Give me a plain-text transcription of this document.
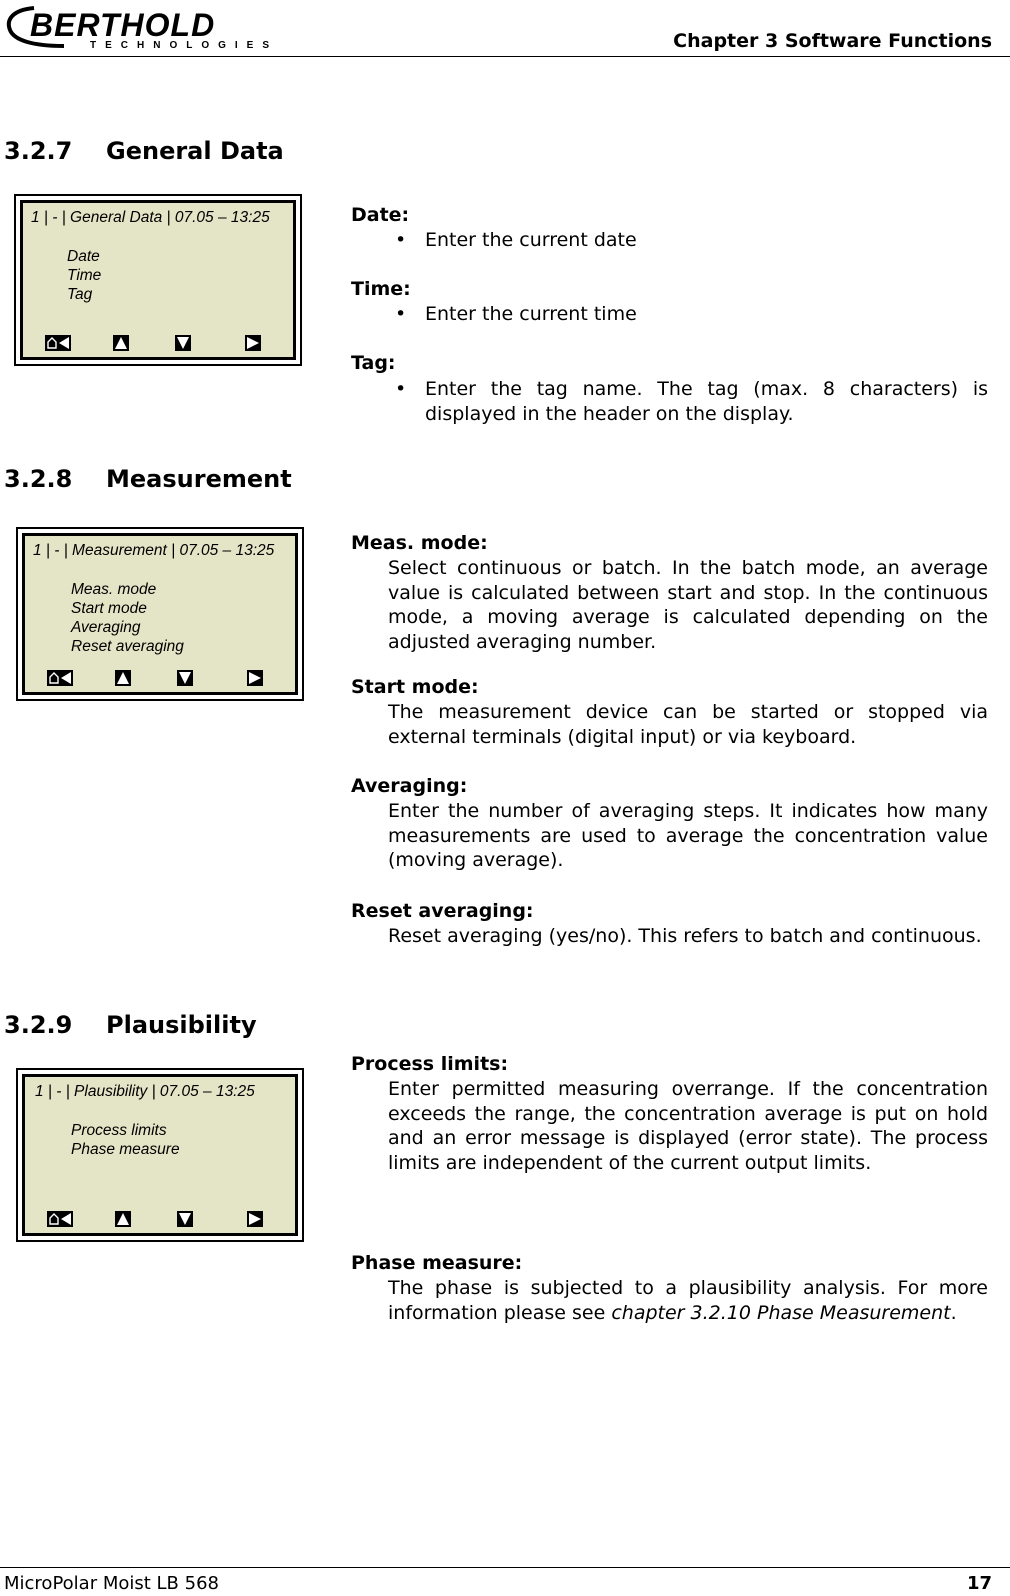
BERTHOLD
TECHNOLOGIES	Chapter 3 Software Functions
3.2.7 General Data
1 | - | General Data | 07.05 – 13:25
Date
Time
Tag
Date:
• Enter the current date

Time:
• Enter the current time

Tag:
• Enter the tag name. The tag (max. 8 characters) is displayed in the header on the display.

3.2.8 Measurement
1 | - | Measurement | 07.05 – 13:25
Meas. mode
Start mode
Averaging
Reset averaging
Meas. mode:

Select continuous or batch. In the batch mode, an average value is calculated between start and stop. In the continuous mode, a moving average is calculated depending on the adjusted averaging number.

Start mode:

The measurement device can be started or stopped via external terminals (digital input) or via keyboard.

Averaging:

Enter the number of averaging steps. It indicates how many measurements are used to average the concentration value (moving average).

Reset averaging:

Reset averaging (yes/no). This refers to batch and continuous.

3.2.9 Plausibility
1 | - | Plausibility | 07.05 – 13:25
Process limits
Phase measure
Process limits:

Enter permitted measuring overrange. If the concentration exceeds the range, the concentration average is put on hold and an error message is displayed (error state). The process limits are independent of the current output limits.

Phase measure:

The phase is subjected to a plausibility analysis. For more information please see chapter 3.2.10 Phase Measurement.

MicroPolar Moist LB 568	17
